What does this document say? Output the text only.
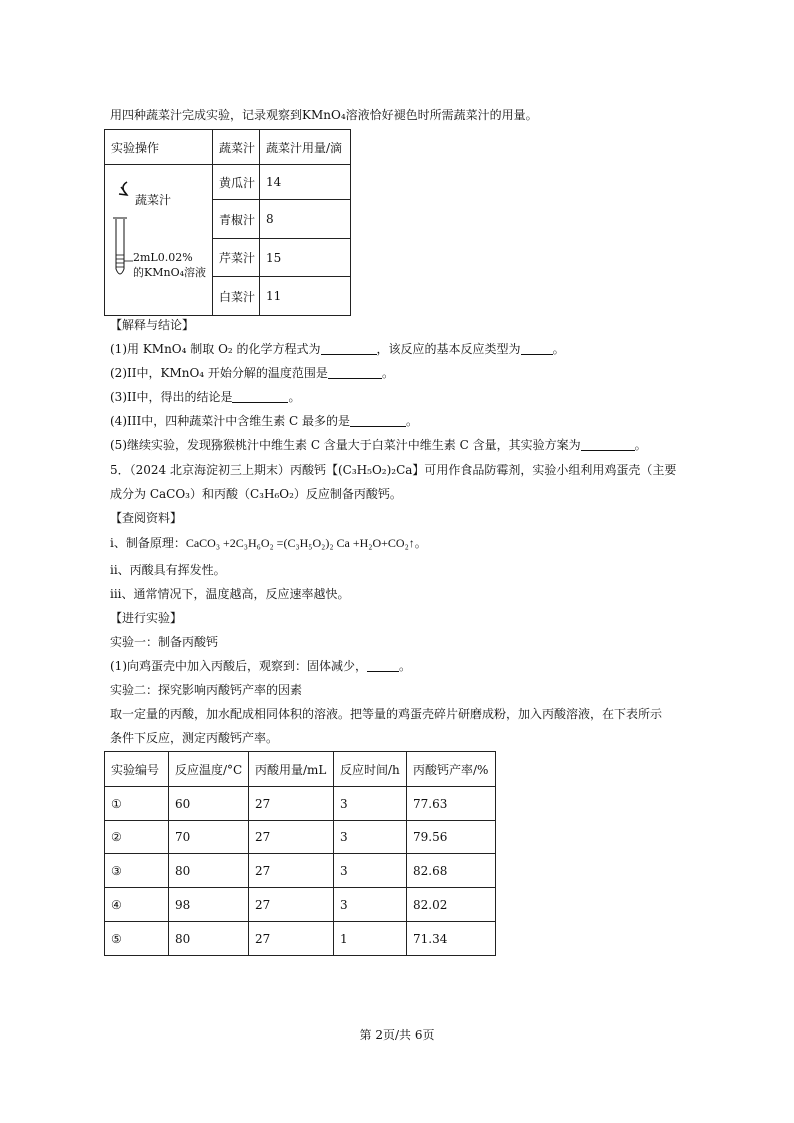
用四种蔬菜汁完成实验，记录观察到KMnO₄溶液恰好褪色时所需蔬菜汁的用量。
实验操作	蔬菜汁	蔬菜汁用量/滴

蔬菜汁
2mL0.02%
的KMnO₄溶液	黄瓜汁	14
	青椒汁	8
	芹菜汁	15
	白菜汁	11
【解释与结论】
(1)用 KMnO₄ 制取 O₂ 的化学方程式为	，该反应的基本反应类型为	。
(2)II中，KMnO₄ 开始分解的温度范围是	。
(3)II中，得出的结论是	。
(4)III中，四种蔬菜汁中含维生素 C 最多的是	。
(5)继续实验，发现猕猴桃汁中维生素 C 含量大于白菜汁中维生素 C 含量，其实验方案为	。
5．（2024 北京海淀初三上期末）丙酸钙【(C₃H₅O₂)₂Ca】可用作食品防霉剂，实验小组利用鸡蛋壳（主要
成分为 CaCO₃）和丙酸（C₃H₆O₂）反应制备丙酸钙。
【查阅资料】
i、制备原理：CaCO₃ +2C₃H₆O₂ =(C₃H₅O₂)₂ Ca +H₂O+CO₂↑。
ii、丙酸具有挥发性。
iii、通常情况下，温度越高，反应速率越快。
【进行实验】
实验一：制备丙酸钙
(1)向鸡蛋壳中加入丙酸后，观察到：固体减少，	。
实验二：探究影响丙酸钙产率的因素
取一定量的丙酸，加水配成相同体积的溶液。把等量的鸡蛋壳碎片研磨成粉，加入丙酸溶液，在下表所示
条件下反应，测定丙酸钙产率。
实验编号	反应温度/°C	丙酸用量/mL	反应时间/h	丙酸钙产率/%
①	60	27	3	77.63
②	70	27	3	79.56
③	80	27	3	82.68
④	98	27	3	82.02
⑤	80	27	1	71.34
第 2页/共 6页
